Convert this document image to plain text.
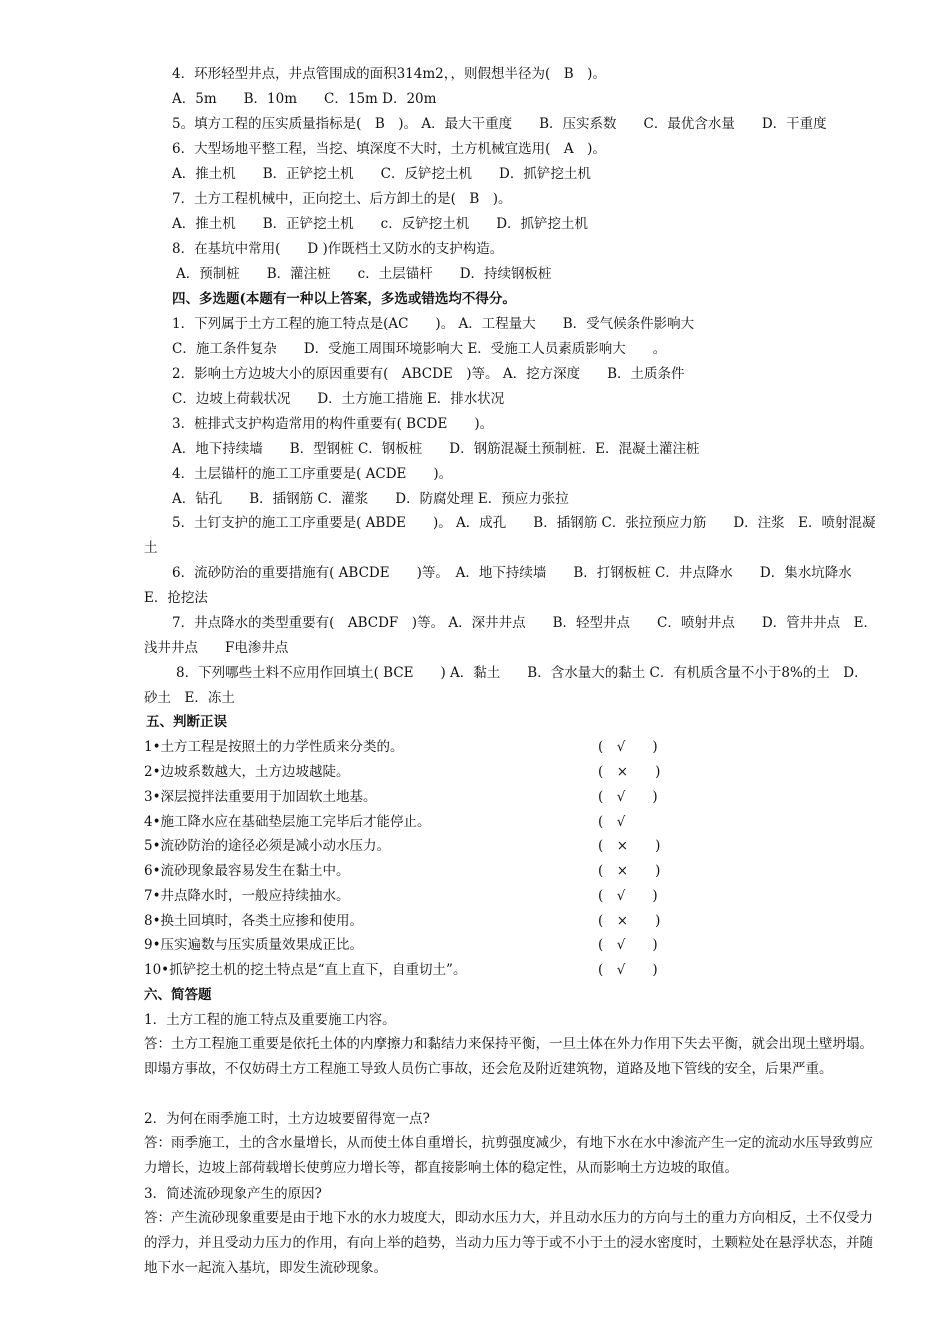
4．环形轻型井点，井点管围成的面积314m2，，则假想半径为(　B　)。
A．5m　　B．10m　　C．15m D．20m
5。填方工程的压实质量指标是(　B　)。 A．最大干重度　　B．压实系数　　C．最优含水量　　D．干重度
6．大型场地平整工程，当挖、填深度不大时，土方机械宜选用(　A　)。
A．推土机　　B．正铲挖土机　　C．反铲挖土机　　D．抓铲挖土机
7．土方工程机械中，正向挖土、后方卸土的是(　B　)。
A．推土机　　B．正铲挖土机　　c．反铲挖土机　　D．抓铲挖土机
8．在基坑中常用(　　D )作既档土又防水的支护构造。
A．预制桩　　B．灌注桩　　c．土层锚杆　　D．持续钢板桩
四、多选题(本题有一种以上答案，多选或错选均不得分。
1．下列属于土方工程的施工特点是(AC　　)。 A．工程量大　　B．受气候条件影响大
C．施工条件复杂　　D．受施工周围环境影响大 E．受施工人员素质影响大　　。
2．影响土方边坡大小的原因重要有(　ABCDE　)等。 A．挖方深度　　B．土质条件
C．边坡上荷载状况　　D．土方施工措施 E．排水状况
3．桩排式支护构造常用的构件重要有( BCDE　　)。
A．地下持续墙　　B．型钢桩 C．钢板桩　　D．钢筋混凝土预制桩．E．混凝土灌注桩
4．土层锚杆的施工工序重要是( ACDE　　)。
A．钻孔　　B．插钢筋 C．灌浆　　D．防腐处理 E．预应力张拉
5．土钉支护的施工工序重要是( ABDE　　)。 A．成孔　　B．插钢筋 C．张拉预应力筋　　D．注浆　E．喷射混凝土
6．流砂防治的重要措施有( ABCDE　　)等。　A．地下持续墙　　B．打钢板桩 C．井点降水　　D．集水坑降水　E．抢挖法
7．井点降水的类型重要有(　ABCDF　)等。 A．深井井点　　B．轻型井点　　C．喷射井点　　D．管井井点　E．浅井井点　　F电渗井点
8．下列哪些土料不应用作回填土( BCE　　) A．黏土　　B．含水量大的黏土 C．有机质含量不小于8%的土　D．砂土　E．冻土
五、判断正误
1•土方工程是按照土的力学性质来分类的。	(　√　　)
2•边坡系数越大，土方边坡越陡。	(　×　　)
3•深层搅拌法重要用于加固软土地基。	(　√　　)
4•施工降水应在基础垫层施工完毕后才能停止。	(　√
5•流砂防治的途径必须是减小动水压力。	(　×　　)
6•流砂现象最容易发生在黏土中。	(　×　　)
7•井点降水时，一般应持续抽水。	(　√　　)
8•换土回填时，各类土应掺和使用。	(　×　　)
9•压实遍数与压实质量效果成正比。	(　√　　)
10•抓铲挖土机的挖土特点是“直上直下，自重切土”。	(　√　　)
六、简答题
1．土方工程的施工特点及重要施工内容。
答：土方工程施工重要是依托土体的内摩擦力和黏结力来保持平衡，一旦土体在外力作用下失去平衡，就会出现土壁坍塌。即塌方事故，不仅妨碍土方工程施工导致人员伤亡事故，还会危及附近建筑物，道路及地下管线的安全，后果严重。
2．为何在雨季施工时，土方边坡要留得宽一点?
答：雨季施工，土的含水量增长，从而使土体自重增长，抗剪强度减少，有地下水在水中渗流产生一定的流动水压导致剪应力增长，边坡上部荷载增长使剪应力增长等，都直接影响土体的稳定性，从而影响土方边坡的取值。
3．简述流砂现象产生的原因?
答：产生流砂现象重要是由于地下水的水力坡度大，即动水压力大，并且动水压力的方向与土的重力方向相反，土不仅受力的浮力，并且受动力压力的作用，有向上举的趋势，当动力压力等于或不小于土的浸水密度时，土颗粒处在悬浮状态，并随地下水一起流入基坑，即发生流砂现象。
